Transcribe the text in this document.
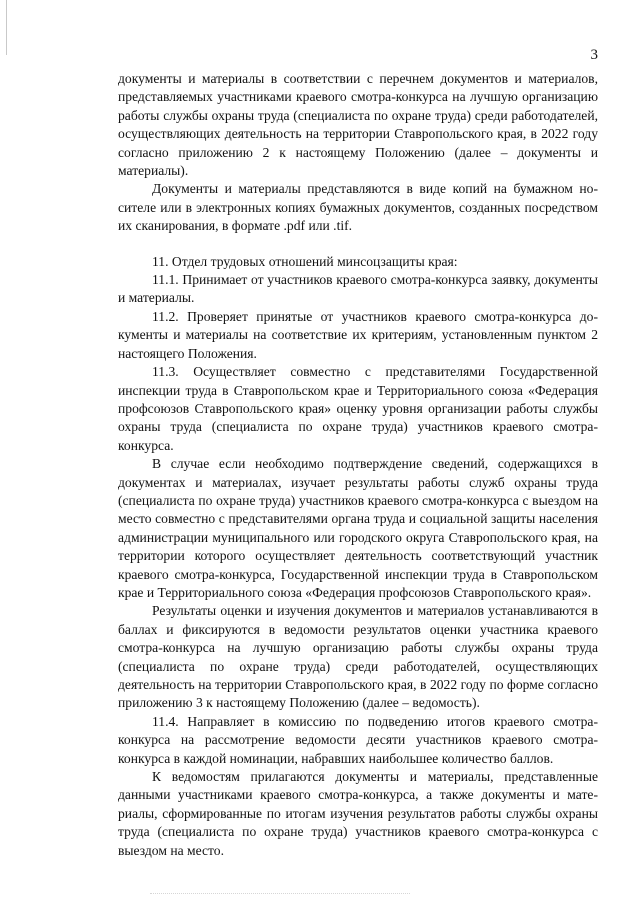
3

документы и материалы в соответствии с перечнем документов и материалов, представляемых участниками краевого смотра-конкурса на лучшую организацию работы службы охраны труда (специалиста по охране труда) среди работодателей, осуществляющих деятельность на территории Ставропольского края, в 2022 году согласно приложению 2 к настоящему Положению (далее – документы и материалы).

Документы и материалы представляются в виде копий на бумажном носителе или в электронных копиях бумажных документов, созданных посредством их сканирования, в формате .pdf или .tif.

11. Отдел трудовых отношений минсоцзащиты края:

11.1. Принимает от участников краевого смотра-конкурса заявку, документы и материалы.

11.2. Проверяет принятые от участников краевого смотра-конкурса документы и материалы на соответствие их критериям, установленным пунктом 2 настоящего Положения.

11.3. Осуществляет совместно с представителями Государственной инспекции труда в Ставропольском крае и Территориального союза «Федерация профсоюзов Ставропольского края» оценку уровня организации работы службы охраны труда (специалиста по охране труда) участников краевого смотра-конкурса.

В случае если необходимо подтверждение сведений, содержащихся в документах и материалах, изучает результаты работы служб охраны труда (специалиста по охране труда) участников краевого смотра-конкурса с выездом на место совместно с представителями органа труда и социальной защиты населения администрации муниципального или городского округа Ставропольского края, на территории которого осуществляет деятельность соответствующий участник краевого смотра-конкурса, Государственной инспекции труда в Ставропольском крае и Территориального союза «Федерация профсоюзов Ставропольского края».

Результаты оценки и изучения документов и материалов устанавливаются в баллах и фиксируются в ведомости результатов оценки участника краевого смотра-конкурса на лучшую организацию работы службы охраны труда (специалиста по охране труда) среди работодателей, осуществляющих деятельность на территории Ставропольского края, в 2022 году по форме согласно приложению 3 к настоящему Положению (далее – ведомость).

11.4. Направляет в комиссию по подведению итогов краевого смотра-конкурса на рассмотрение ведомости десяти участников краевого смотра-конкурса в каждой номинации, набравших наибольшее количество баллов.

К ведомостям прилагаются документы и материалы, представленные данными участниками краевого смотра-конкурса, а также документы и материалы, сформированные по итогам изучения результатов работы службы охраны труда (специалиста по охране труда) участников краевого смотра-конкурса с выездом на место.
